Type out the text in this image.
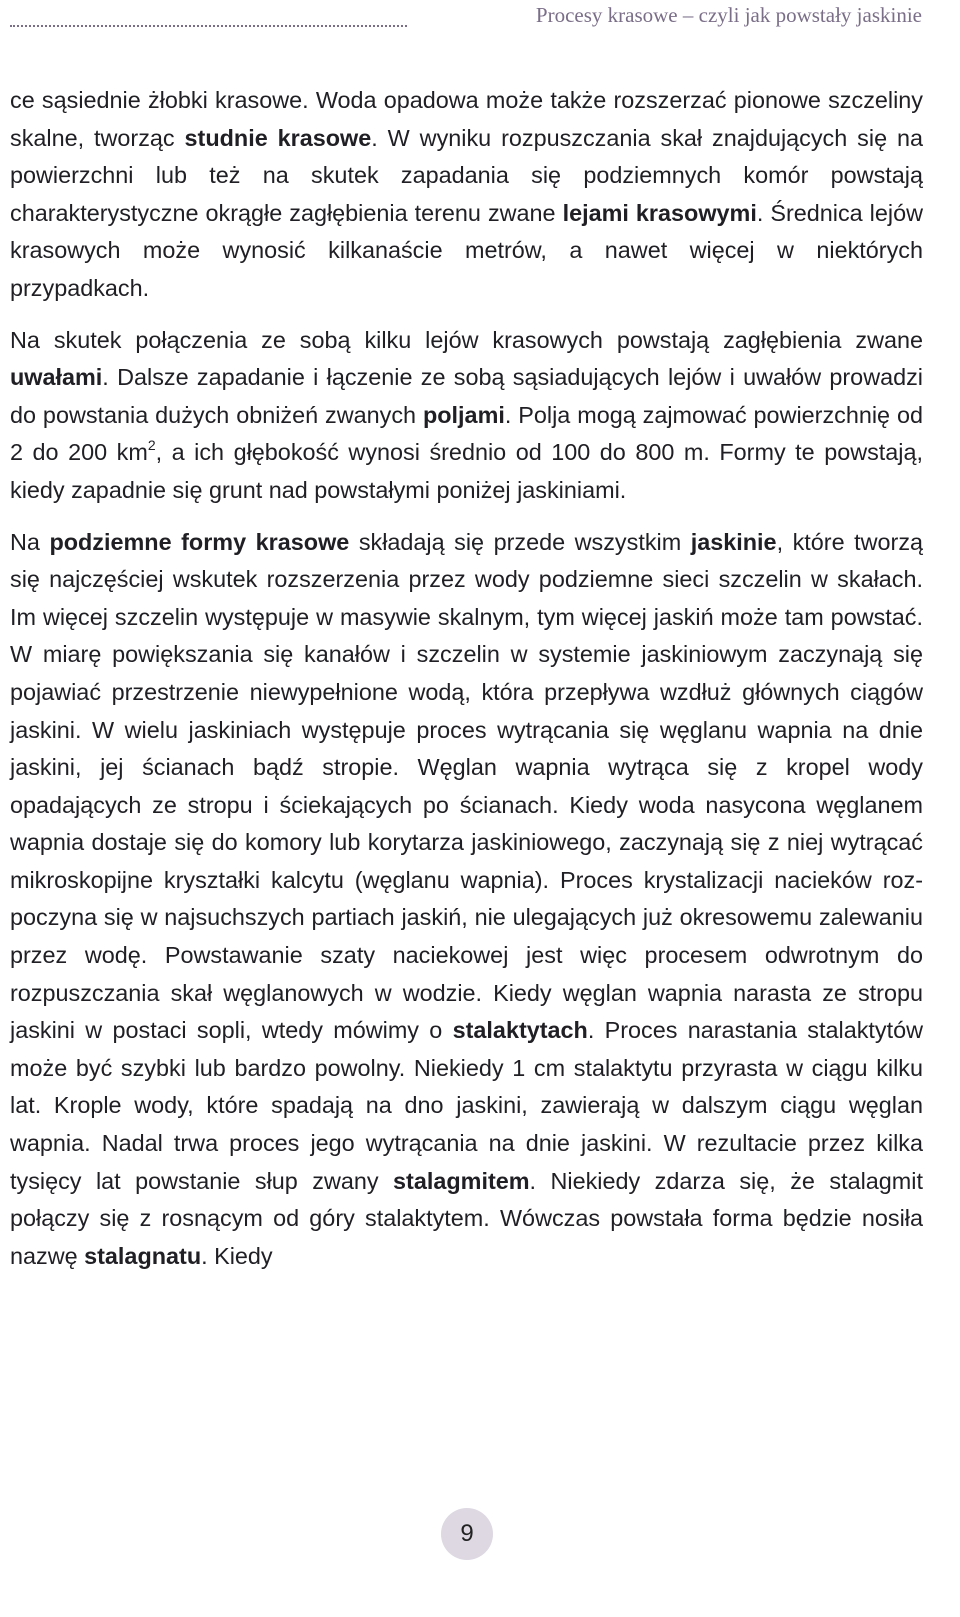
Procesy krasowe – czyli jak powstały jaskinie

ce sąsiednie żłobki krasowe. Woda opadowa może także rozszerzać pionowe szczeliny skalne, tworząc studnie krasowe. W wyniku rozpuszczania skał znajdujących się na powierzchni lub też na skutek zapadania się podziemnych komór powstają charakterystyczne okrągłe zagłębienia terenu zwane lejami krasowymi. Średnica lejów krasowych może wynosić kilkanaście metrów, a nawet więcej w niektórych przypadkach.

Na skutek połączenia ze sobą kilku lejów krasowych powstają zagłębienia zwane uwałami. Dalsze zapadanie i łączenie ze sobą sąsiadujących lejów i uwałów prowadzi do powstania dużych obniżeń zwanych poljami. Polja mogą zajmować powierzchnię od 2 do 200 $km^2$, a ich głębokość wynosi średnio od 100 do 800 m. Formy te powstają, kiedy zapadnie się grunt nad powstałymi poniżej jaskiniami.

Na podziemne formy krasowe składają się przede wszystkim jaskinie, które tworzą się najczęściej wskutek rozszerzenia przez wody podziemne sieci szczelin w skałach. Im więcej szczelin występuje w masywie skalnym, tym więcej jaskiń może tam powstać. W miarę powiększania się kanałów i szczelin w systemie jaskiniowym zaczynają się pojawiać przestrzenie niewypełnione wodą, która przepływa wzdłuż głównych ciągów jaskini. W wielu jaskiniach występuje proces wytrącania się węglanu wapnia na dnie jaskini, jej ścianach bądź stropie. Węglan wapnia wytrąca się z kropel wody opadających ze stropu i ściekających po ścianach. Kiedy woda nasycona węglanem wapnia dostaje się do komory lub korytarza jaskiniowego, zaczynają się z niej wytrącać mikroskopijne kryształki kalcytu (węglanu wapnia). Proces krystalizacji nacieków rozpoczyna się w najsuchszych partiach jaskiń, nie ulegających już okresowemu zalewaniu przez wodę. Powstawanie szaty naciekowej jest więc procesem odwrotnym do rozpuszczania skał węglanowych w wodzie. Kiedy węglan wapnia narasta ze stropu jaskini w postaci sopli, wtedy mówimy o stalaktytach. Proces narastania stalaktytów może być szybki lub bardzo powolny. Niekiedy 1 cm stalaktytu przyrasta w ciągu kilku lat. Krople wody, które spadają na dno jaskini, zawierają w dalszym ciągu węglan wapnia. Nadal trwa proces jego wytrącania na dnie jaskini. W rezultacie przez kilka tysięcy lat powstanie słup zwany stalagmitem. Niekiedy zdarza się, że stalagmit połączy się z rosnącym od góry stalaktytem. Wówczas powstała forma będzie nosiła nazwę stalagnatu. Kiedy

9
